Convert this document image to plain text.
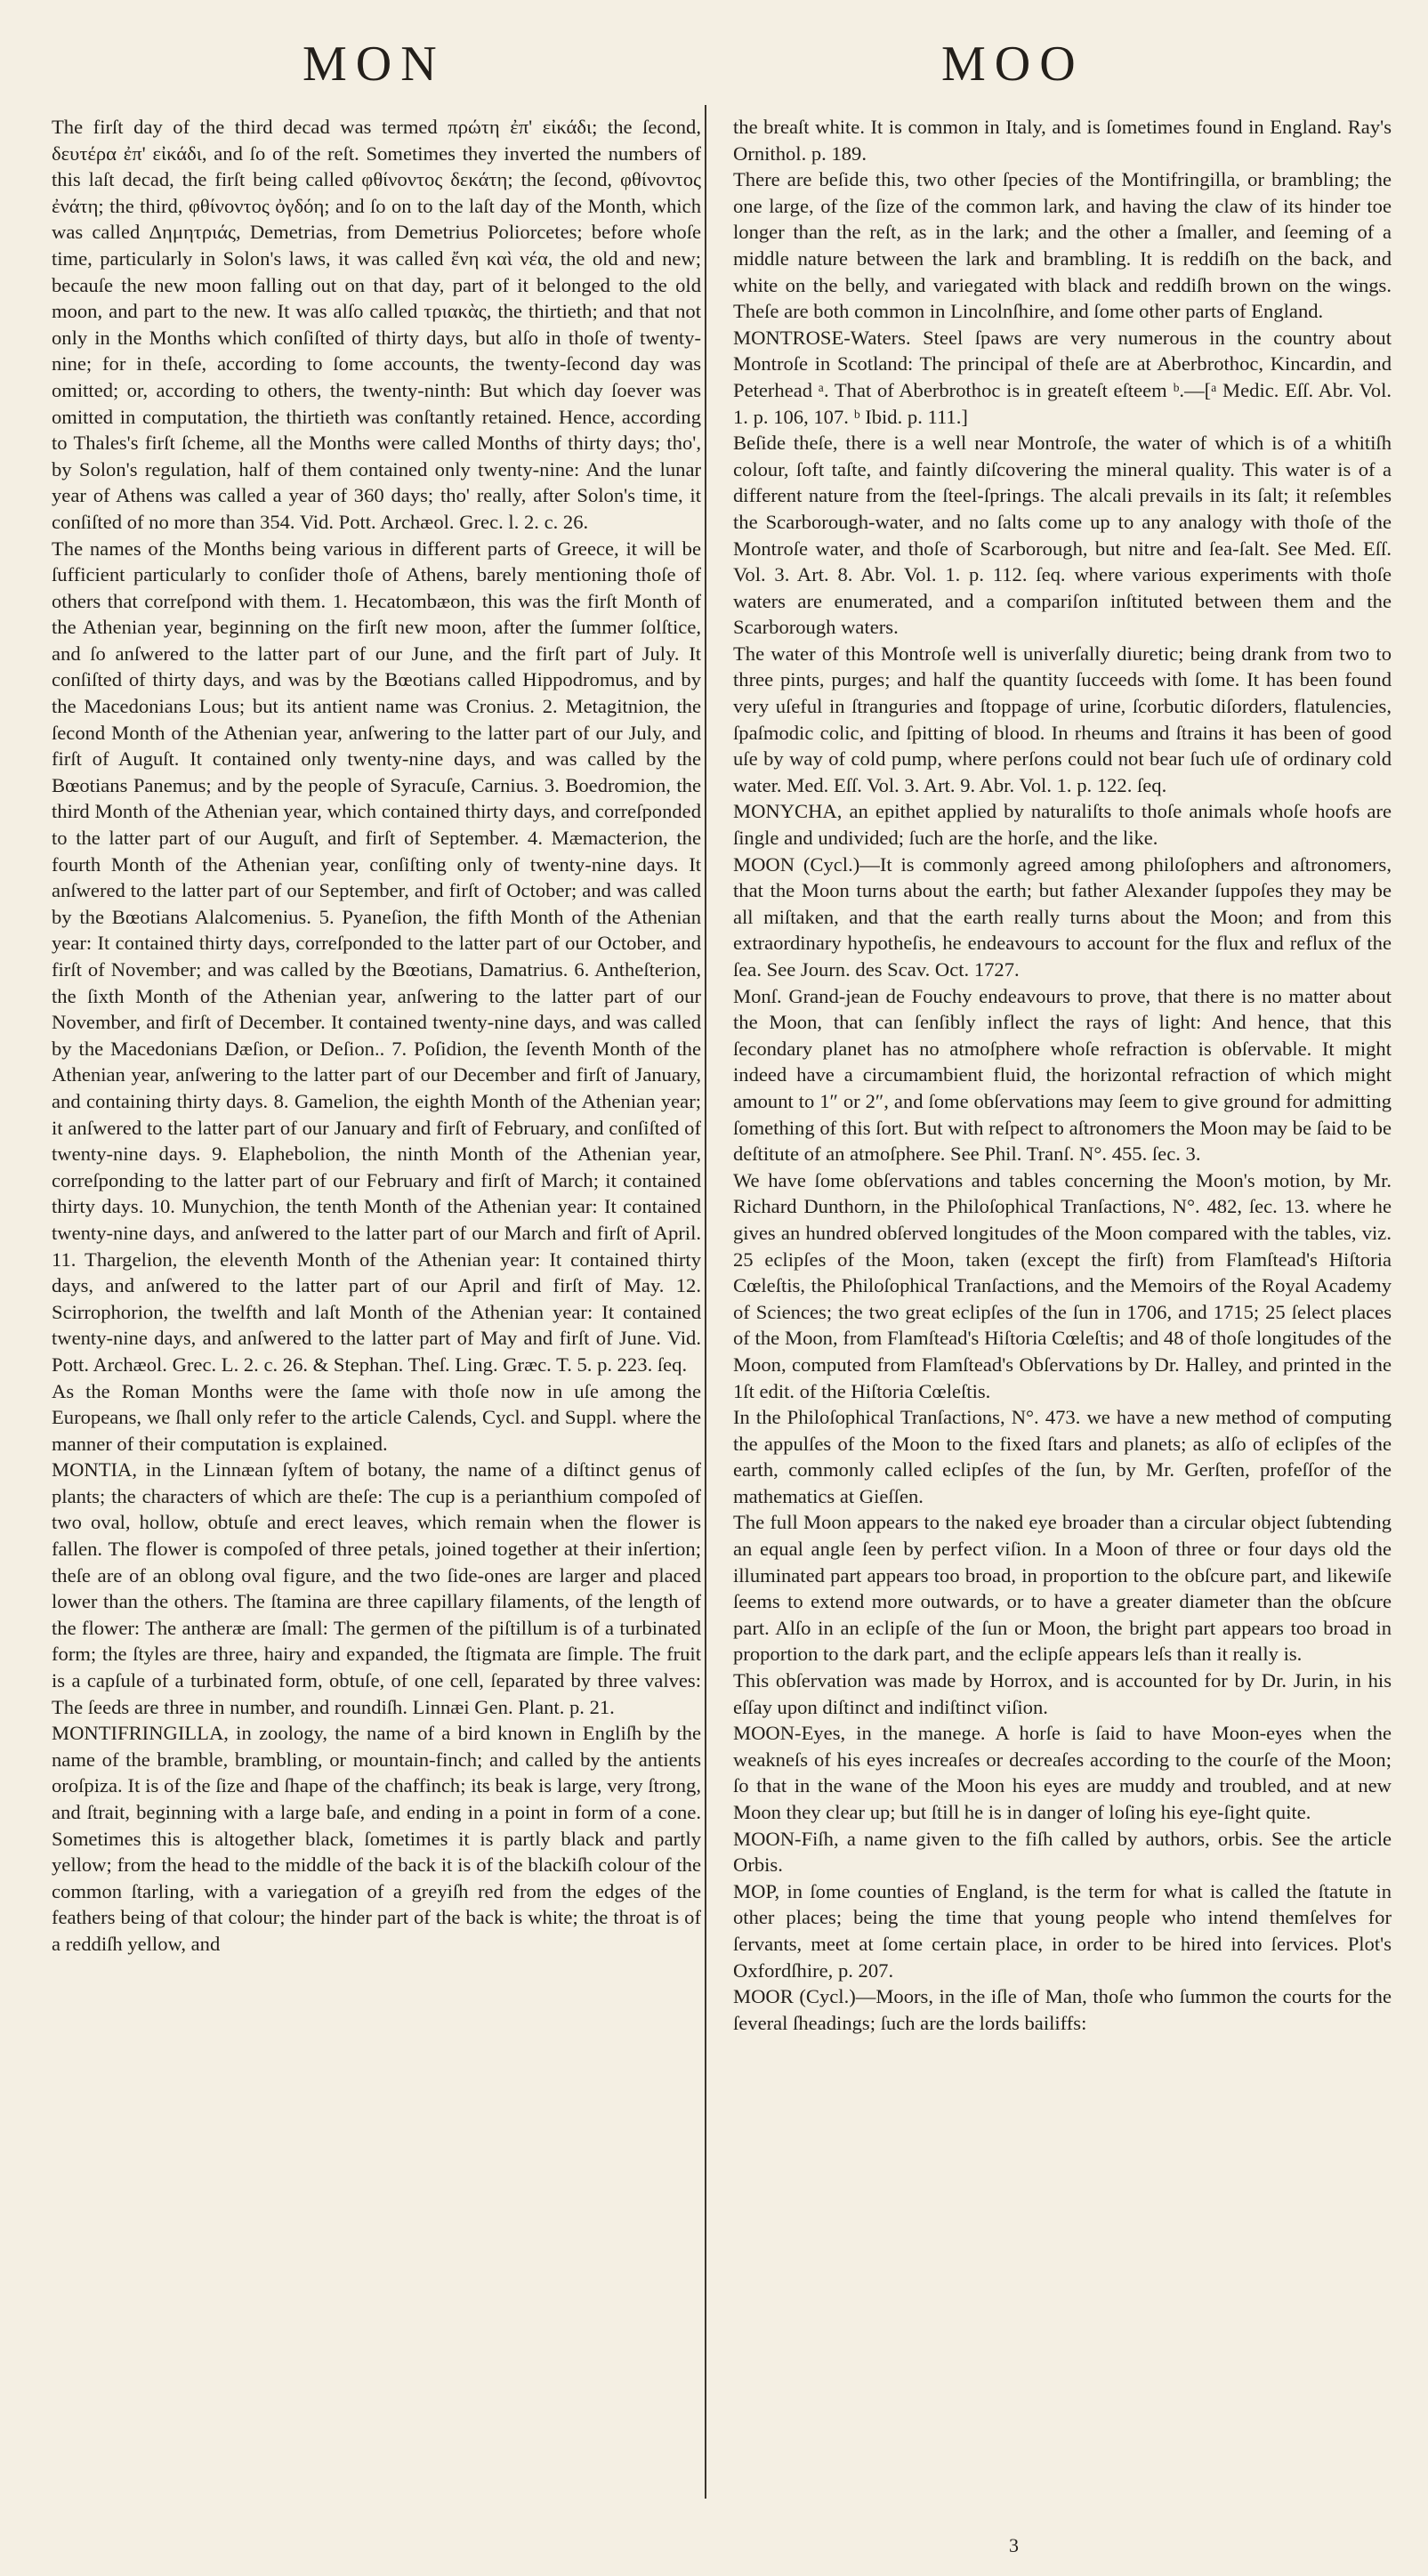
MON	MOO

The firſt day of the third decad was termed πρώτη ἐπ' εἰκάδι; the ſecond, δευτέρα ἐπ' εἰκάδι, and ſo of the reſt. Sometimes they inverted the numbers of this laſt decad, the firſt being called φθίνοντος δεκάτη; the ſecond, φθίνοντος ἐνάτη; the third, φθίνοντος ὀγδόη; and ſo on to the laſt day of the Month, which was called Δημητριάς, Demetrias, from Demetrius Poliorcetes; before whoſe time, particularly in Solon's laws, it was called ἔνη καὶ νέα, the old and new; becauſe the new moon falling out on that day, part of it belonged to the old moon, and part to the new. It was alſo called τριακὰς, the thirtieth; and that not only in the Months which conſiſted of thirty days, but alſo in thoſe of twenty-nine; for in theſe, according to ſome accounts, the twenty-ſecond day was omitted; or, according to others, the twenty-ninth: But which day ſoever was omitted in computation, the thirtieth was conſtantly retained. Hence, according to Thales's firſt ſcheme, all the Months were called Months of thirty days; tho', by Solon's regulation, half of them contained only twenty-nine: And the lunar year of Athens was called a year of 360 days; tho' really, after Solon's time, it conſiſted of no more than 354. Vid. Pott. Archæol. Grec. l. 2. c. 26.

The names of the Months being various in different parts of Greece, it will be ſufficient particularly to conſider thoſe of Athens, barely mentioning thoſe of others that correſpond with them. 1. Hecatombæon, this was the firſt Month of the Athenian year, beginning on the firſt new moon, after the ſummer ſolſtice, and ſo anſwered to the latter part of our June, and the firſt part of July. It conſiſted of thirty days, and was by the Bœotians called Hippodromus, and by the Macedonians Lous; but its antient name was Cronius. 2. Metagitnion, the ſecond Month of the Athenian year, anſwering to the latter part of our July, and firſt of Auguſt. It contained only twenty-nine days, and was called by the Bœotians Panemus; and by the people of Syracuſe, Carnius. 3. Boedromion, the third Month of the Athenian year, which contained thirty days, and correſponded to the latter part of our Auguſt, and firſt of September. 4. Mæmacterion, the fourth Month of the Athenian year, conſiſting only of twenty-nine days. It anſwered to the latter part of our September, and firſt of October; and was called by the Bœotians Alalcomenius. 5. Pyaneſion, the fifth Month of the Athenian year: It contained thirty days, correſponded to the latter part of our October, and firſt of November; and was called by the Bœotians, Damatrius. 6. Antheſterion, the ſixth Month of the Athenian year, anſwering to the latter part of our November, and firſt of December. It contained twenty-nine days, and was called by the Macedonians Dæſion, or Deſion.. 7. Poſidion, the ſeventh Month of the Athenian year, anſwering to the latter part of our December and firſt of January, and containing thirty days. 8. Gamelion, the eighth Month of the Athenian year; it anſwered to the latter part of our January and firſt of February, and conſiſted of twenty-nine days. 9. Elaphebolion, the ninth Month of the Athenian year, correſponding to the latter part of our February and firſt of March; it contained thirty days. 10. Munychion, the tenth Month of the Athenian year: It contained twenty-nine days, and anſwered to the latter part of our March and firſt of April. 11. Thargelion, the eleventh Month of the Athenian year: It contained thirty days, and anſwered to the latter part of our April and firſt of May. 12. Scirrophorion, the twelfth and laſt Month of the Athenian year: It contained twenty-nine days, and anſwered to the latter part of May and firſt of June. Vid. Pott. Archæol. Grec. L. 2. c. 26. & Stephan. Theſ. Ling. Græc. T. 5. p. 223. ſeq.

As the Roman Months were the ſame with thoſe now in uſe among the Europeans, we ſhall only refer to the article Calends, Cycl. and Suppl. where the manner of their computation is explained.

MONTIA, in the Linnæan ſyſtem of botany, the name of a diſtinct genus of plants; the characters of which are theſe: The cup is a perianthium compoſed of two oval, hollow, obtuſe and erect leaves, which remain when the flower is fallen. The flower is compoſed of three petals, joined together at their inſertion; theſe are of an oblong oval figure, and the two ſide-ones are larger and placed lower than the others. The ſtamina are three capillary filaments, of the length of the flower: The antheræ are ſmall: The germen of the piſtillum is of a turbinated form; the ſtyles are three, hairy and expanded, the ſtigmata are ſimple. The fruit is a capſule of a turbinated form, obtuſe, of one cell, ſeparated by three valves: The ſeeds are three in number, and roundiſh. Linnæi Gen. Plant. p. 21.

MONTIFRINGILLA, in zoology, the name of a bird known in Engliſh by the name of the bramble, brambling, or mountain-finch; and called by the antients oroſpiza. It is of the ſize and ſhape of the chaffinch; its beak is large, very ſtrong, and ſtrait, beginning with a large baſe, and ending in a point in form of a cone. Sometimes this is altogether black, ſometimes it is partly black and partly yellow; from the head to the middle of the back it is of the blackiſh colour of the common ſtarling, with a variegation of a greyiſh red from the edges of the feathers being of that colour; the hinder part of the back is white; the throat is of a reddiſh yellow, and

the breaſt white. It is common in Italy, and is ſometimes found in England. Ray's Ornithol. p. 189.

There are beſide this, two other ſpecies of the Montifringilla, or brambling; the one large, of the ſize of the common lark, and having the claw of its hinder toe longer than the reſt, as in the lark; and the other a ſmaller, and ſeeming of a middle nature between the lark and brambling. It is reddiſh on the back, and white on the belly, and variegated with black and reddiſh brown on the wings. Theſe are both common in Lincolnſhire, and ſome other parts of England.

MONTROSE-Waters. Steel ſpaws are very numerous in the country about Montroſe in Scotland: The principal of theſe are at Aberbrothoc, Kincardin, and Peterhead ᵃ. That of Aberbrothoc is in greateſt eſteem ᵇ.—[ᵃ Medic. Eſſ. Abr. Vol. 1. p. 106, 107. ᵇ Ibid. p. 111.]

Beſide theſe, there is a well near Montroſe, the water of which is of a whitiſh colour, ſoft taſte, and faintly diſcovering the mineral quality. This water is of a different nature from the ſteel-ſprings. The alcali prevails in its ſalt; it reſembles the Scarborough-water, and no ſalts come up to any analogy with thoſe of the Montroſe water, and thoſe of Scarborough, but nitre and ſea-ſalt. See Med. Eſſ. Vol. 3. Art. 8. Abr. Vol. 1. p. 112. ſeq. where various experiments with thoſe waters are enumerated, and a compariſon inſtituted between them and the Scarborough waters.

The water of this Montroſe well is univerſally diuretic; being drank from two to three pints, purges; and half the quantity ſucceeds with ſome. It has been found very uſeful in ſtranguries and ſtoppage of urine, ſcorbutic diſorders, flatulencies, ſpaſmodic colic, and ſpitting of blood. In rheums and ſtrains it has been of good uſe by way of cold pump, where perſons could not bear ſuch uſe of ordinary cold water. Med. Eſſ. Vol. 3. Art. 9. Abr. Vol. 1. p. 122. ſeq.

MONYCHA, an epithet applied by naturaliſts to thoſe animals whoſe hoofs are ſingle and undivided; ſuch are the horſe, and the like.

MOON (Cycl.)—It is commonly agreed among philoſophers and aſtronomers, that the Moon turns about the earth; but father Alexander ſuppoſes they may be all miſtaken, and that the earth really turns about the Moon; and from this extraordinary hypotheſis, he endeavours to account for the flux and reflux of the ſea. See Journ. des Scav. Oct. 1727.

Monſ. Grand-jean de Fouchy endeavours to prove, that there is no matter about the Moon, that can ſenſibly inflect the rays of light: And hence, that this ſecondary planet has no atmoſphere whoſe refraction is obſervable. It might indeed have a circumambient fluid, the horizontal refraction of which might amount to 1″ or 2″, and ſome obſervations may ſeem to give ground for admitting ſomething of this ſort. But with reſpect to aſtronomers the Moon may be ſaid to be deſtitute of an atmoſphere. See Phil. Tranſ. N°. 455. ſec. 3.

We have ſome obſervations and tables concerning the Moon's motion, by Mr. Richard Dunthorn, in the Philoſophical Tranſactions, N°. 482, ſec. 13. where he gives an hundred obſerved longitudes of the Moon compared with the tables, viz. 25 eclipſes of the Moon, taken (except the firſt) from Flamſtead's Hiſtoria Cœleſtis, the Philoſophical Tranſactions, and the Memoirs of the Royal Academy of Sciences; the two great eclipſes of the ſun in 1706, and 1715; 25 ſelect places of the Moon, from Flamſtead's Hiſtoria Cœleſtis; and 48 of thoſe longitudes of the Moon, computed from Flamſtead's Obſervations by Dr. Halley, and printed in the 1ſt edit. of the Hiſtoria Cœleſtis.

In the Philoſophical Tranſactions, N°. 473. we have a new method of computing the appulſes of the Moon to the fixed ſtars and planets; as alſo of eclipſes of the earth, commonly called eclipſes of the ſun, by Mr. Gerſten, profeſſor of the mathematics at Gieſſen.

The full Moon appears to the naked eye broader than a circular object ſubtending an equal angle ſeen by perfect viſion. In a Moon of three or four days old the illuminated part appears too broad, in proportion to the obſcure part, and likewiſe ſeems to extend more outwards, or to have a greater diameter than the obſcure part. Alſo in an eclipſe of the ſun or Moon, the bright part appears too broad in proportion to the dark part, and the eclipſe appears leſs than it really is.

This obſervation was made by Horrox, and is accounted for by Dr. Jurin, in his eſſay upon diſtinct and indiſtinct viſion.

MOON-Eyes, in the manege. A horſe is ſaid to have Moon-eyes when the weakneſs of his eyes increaſes or decreaſes according to the courſe of the Moon; ſo that in the wane of the Moon his eyes are muddy and troubled, and at new Moon they clear up; but ſtill he is in danger of loſing his eye-ſight quite.

MOON-Fiſh, a name given to the fiſh called by authors, orbis. See the article Orbis.

MOP, in ſome counties of England, is the term for what is called the ſtatute in other places; being the time that young people who intend themſelves for ſervants, meet at ſome certain place, in order to be hired into ſervices. Plot's Oxfordſhire, p. 207.

MOOR (Cycl.)—Moors, in the iſle of Man, thoſe who ſummon the courts for the ſeveral ſheadings; ſuch are the lords bailiffs:

3
